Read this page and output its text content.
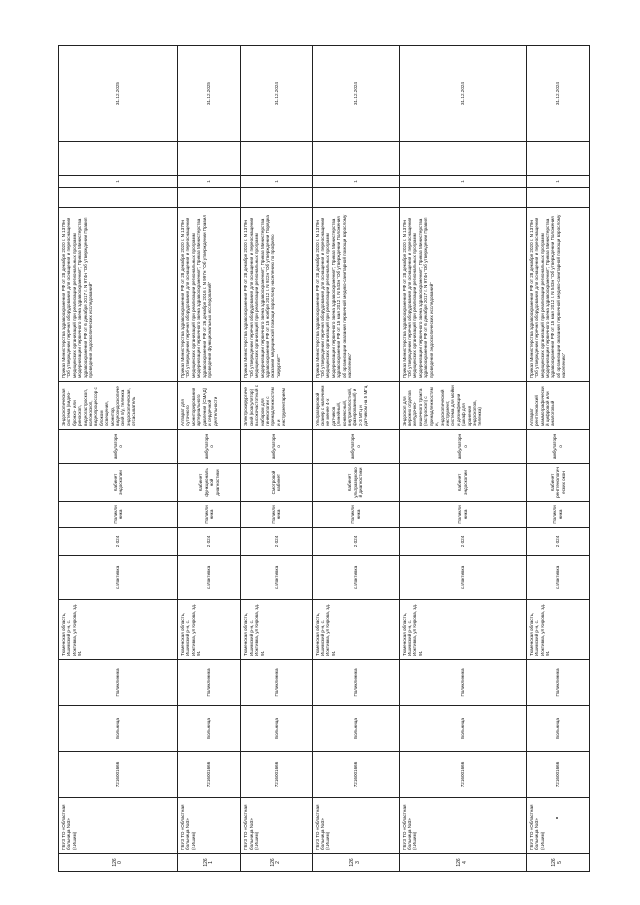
1260	ГБУЗ ТО «Областная больница №3» (г.Ишим)	7216001666	Больница	Поликлиника	Тюменская область, Ишимский р-н, с. Иоктивка, ул Кирова, зд. 91	с.Иоктивка	2 024	Поликлиника	Кабинет эндоскопии	амбулаторно	Эндоскопическая система (видео-бронхо- или риноскоп, видеогастроскоп, колоноскоп, видеопроцессор с блоком освещения, монитор, видеоэндоскопический п/у, тележка эндоскопическая, отсасыватель	Приказ Министерства здравоохранения РФ от 28 декабря 2020 г. N 1379н "Об утверждении перечня оборудования для оснащения и переоснащения медицинских организаций при реализации региональных программ модернизации первичного звена здравоохранения"; Приказ Министерства здравоохранения РФ от 6 декабря 2017 г. N 974н "Об утверждении Правил проведения эндоскопических исследований"		1		31.12.2025
1261	ГБУЗ ТО «Областная больница №3» (г.Ишим)	7216001666	Больница	Поликлиника	Тюменская область, Ишимский р-н, с. Иоктивка, ул Кирова, зд. 91	с.Иоктивка	2 024	Поликлиника	Кабинет функциональной диагностики	амбулаторно	Аппарат для суточного мониторирования артериального давления (СМАД) и сердечной деятельности	Приказ Министерства здравоохранения РФ от 28 декабря 2020 г. N 1379н "Об утверждении перечня оборудования для оснащения и переоснащения медицинских организаций при реализации региональных программ модернизации первичного звена здравоохранения"; Приказ Министерства здравоохранения РФ от 26 декабря 2016 г. N 997н "Об утверждении Правил проведения функциональных исследований"		1		31.12.2025
1262	ГБУЗ ТО «Областная больница №3» (г.Ишим)	7216001666	Больница	Поликлиника	Тюменская область, Ишимский р-н, с. Иоктивка, ул Кирова, зд. 91	с.Иоктивка	2 024	Поликлиника	Смотровой кабинет	амбулаторно	Электрохирургический (коагулятор) высокочастотный с набором для гинекологии с принадлежностями и инструментарием	Приказ Министерства здравоохранения РФ от 28 декабря 2020 г. N 1379н "Об утверждении перечня оборудования для оснащения и переоснащения медицинских организаций при реализации региональных программ модернизации первичного звена здравоохранения"; Приказ Министерства здравоохранения РФ от 15 ноября 2012 г. N 922н "Об утверждении Порядка оказания медицинской помощи взрослому населению по профилю "хирургия""		1		31.12.2024
1263	ГБУЗ ТО «Областная больница №3» (г.Ишим)	7216001666	Больница	Поликлиника	Тюменская область, Ишимский р-н, с. Иоктивка, ул Кирова, зд. 91	с.Иоктивка	2 024	Поликлиника	Кабинет ультразвуковой диагностики	амбулаторно	Ультразвуковой сканер с наличием не менее 4-х датчиков (линейный, конвексный, внутриполостной, фазированный) и 2-3 МГц и датчиком на 5 МГц	Приказ Министерства здравоохранения РФ от 28 декабря 2020 г. N 1379н "Об утверждении перечня оборудования для оснащения и переоснащения медицинских организаций при реализации региональных программ модернизации первичного звена здравоохранения"; Приказ Министерства здравоохранения РФ от 15 мая 2012 г. N 543н "Об утверждении Положения об организации оказания первичной медико-санитарной помощи взрослому населению"		1		31.12.2024
1264	ГБУЗ ТО «Областная больница №3» (г.Ишим)	7216001666	Больница	Поликлиника	Тюменская область, Ишимский р-н, с. Иоктивка, ул Кирова, зд. 91	с.Иоктивка	2 024	Поликлиника	Кабинет эндоскопии	амбулаторно	Эндоскоп для верхних отделов желудочно-кишечного тракта (гастроскоп) с принадлежностями, эндоскопический инструмент, система для мойки и дезинфекции (шкаф для хранения эндоскопов, тележка)	Приказ Министерства здравоохранения РФ от 28 декабря 2020 г. N 1379н "Об утверждении перечня оборудования для оснащения и переоснащения медицинских организаций при реализации региональных программ модернизации первичного звена здравоохранения"; Приказ Министерства здравоохранения РФ от 6 декабря 2017 г. N 974н "Об утверждении Правил проведения эндоскопических исследований"		1		31.12.2024
1265	ГБУЗ ТО «Областная больница №3» (г.Ишим)	7216001666	Больница	Поликлиника	Тюменская область, Ишимский р-н, с. Иоктивка, ул Кирова, зд. 91	с.Иоктивка	2 024	Поликлиника	Кабинет рентгенологических окон	амбулаторно	Аппарат рентгеновский маммографический цифровой или аналоговый	Приказ Министерства здравоохранения РФ от 28 декабря 2020 г. N 1379н "Об утверждении перечня оборудования для оснащения и переоснащения медицинских организаций при реализации региональных программ модернизации первичного звена здравоохранения"; Приказ Министерства здравоохранения РФ от 15 мая 2012 г. N 543н "Об утверждении Положения об организации оказания первичной медико-санитарной помощи взрослому населению"		1		31.12.2024
